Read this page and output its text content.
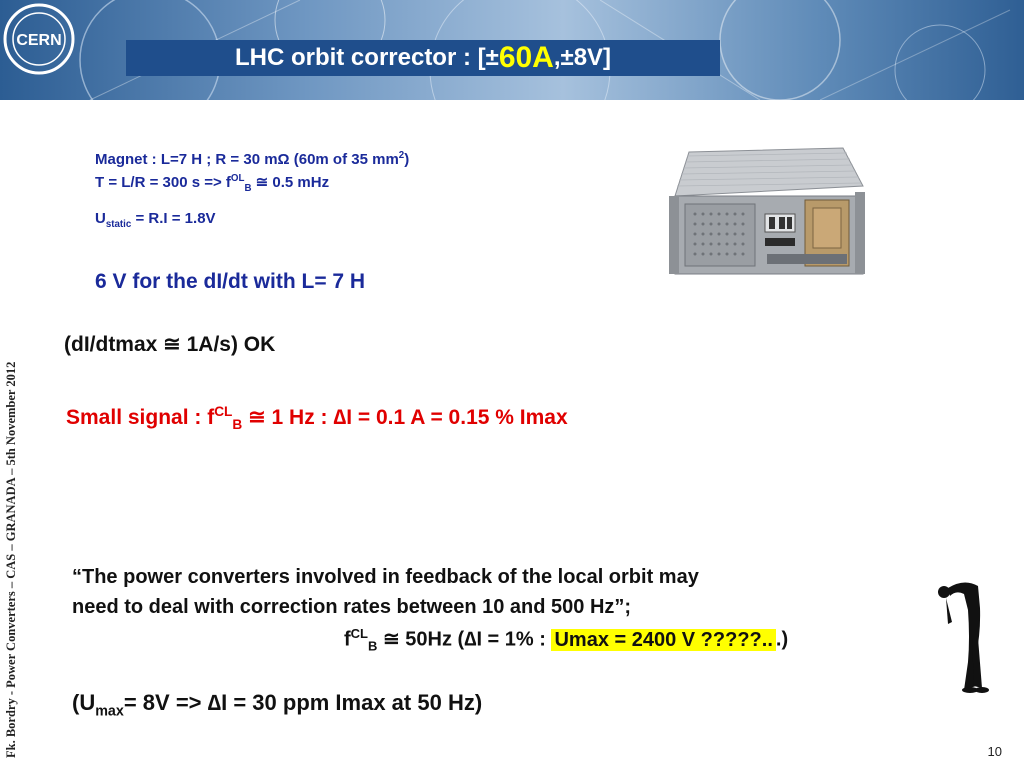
CERN
LHC orbit corrector : [± 60A ,±8V]
Fk. Bordry - Power Converters – CAS – GRANADA – 5th November 2012
Magnet : L=7 H ; R = 30 mΩ (60m of 35 $mm^2$)
T = L/R = 300 $s => f^{OL}_B$ ≅ 0.5 mHz
$U_{static} = R.I = 1.8V$
6 V for the dI/dt with L= 7 H
(dI/dtmax ≅ 1A/s) OK
Small signal : $f^{CL}_B$ ≅ 1 Hz : ∆I = 0.1 A = 0.15 % Imax
“The power converters involved in feedback of the local orbit may
need to deal with correction rates between 10 and 500 Hz”;
$f^{CL}_B$ ≅ 50Hz (∆I = 1% : Umax = 2400 V ?????.. .)
($U_{max}= 8V => \Delta I = 30$ ppm Imax at 50 Hz)
10
